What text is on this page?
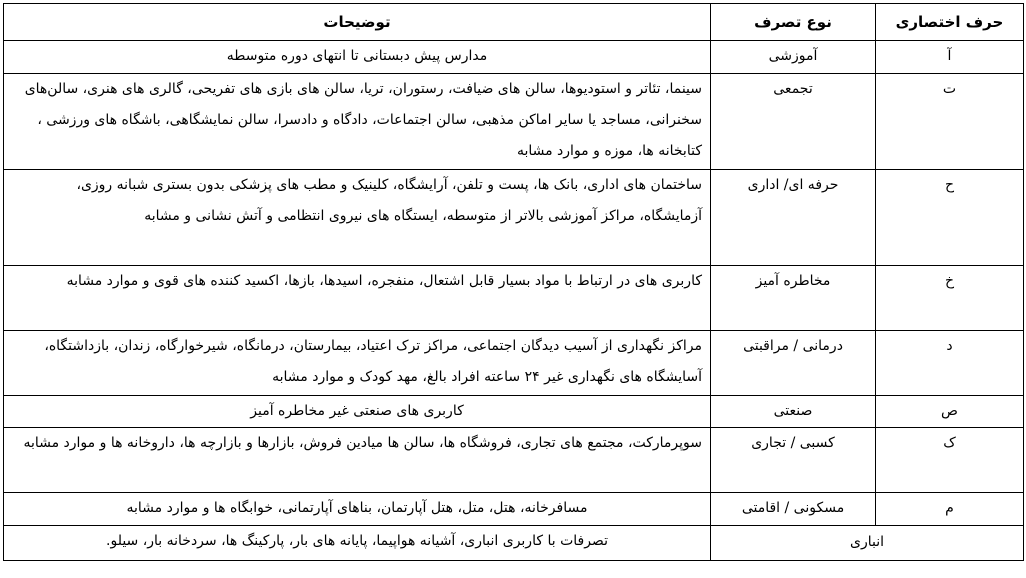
حرف اختصاری	نوع تصرف	توضیحات
آ	آموزشی	مدارس پیش دبستانی تا انتهای دوره متوسطه
ت	تجمعی	سینما، تئاتر و استودیوها، سالن های ضیافت، رستوران، تریا، سالن های بازی های تفریحی، گالری های هنری، سالن‌های سخنرانی، مساجد یا سایر اماکن مذهبی، سالن اجتماعات، دادگاه و دادسرا، سالن نمایشگاهی، باشگاه های ورزشی ، کتابخانه ها، موزه و موارد مشابه
ح	حرفه ای/ اداری	ساختمان های اداری، بانک ها، پست و تلفن، آرایشگاه، کلینیک و مطب های پزشکی بدون بستری شبانه روزی، آزمایشگاه، مراکز آموزشی بالاتر از متوسطه، ایستگاه های نیروی انتظامی و آتش نشانی و مشابه
خ	مخاطره آمیز	کاربری های در ارتباط با مواد بسیار قابل اشتعال، منفجره، اسیدها، بازها، اکسید کننده های قوی و موارد مشابه
د	درمانی / مراقبتی	مراکز نگهداری از آسیب دیدگان اجتماعی، مراکز ترک اعتیاد، بیمارستان، درمانگاه، شیرخوارگاه، زندان، بازداشتگاه، آسایشگاه های نگهداری غیر ۲۴ ساعته افراد بالغ، مهد کودک و موارد مشابه
ص	صنعتی	کاربری های صنعتی غیر مخاطره آمیز
ک	کسبی / تجاری	سوپرمارکت، مجتمع های تجاری، فروشگاه ها، سالن ها میادین فروش، بازارها و بازارچه ها، داروخانه ها و موارد مشابه
م	مسکونی / اقامتی	مسافرخانه، هتل، متل، هتل آپارتمان، بناهای آپارتمانی، خوابگاه ها و موارد مشابه
انباری		تصرفات با کاربری انباری، آشیانه هواپیما، پایانه های بار، پارکینگ ها، سردخانه بار، سیلو.
